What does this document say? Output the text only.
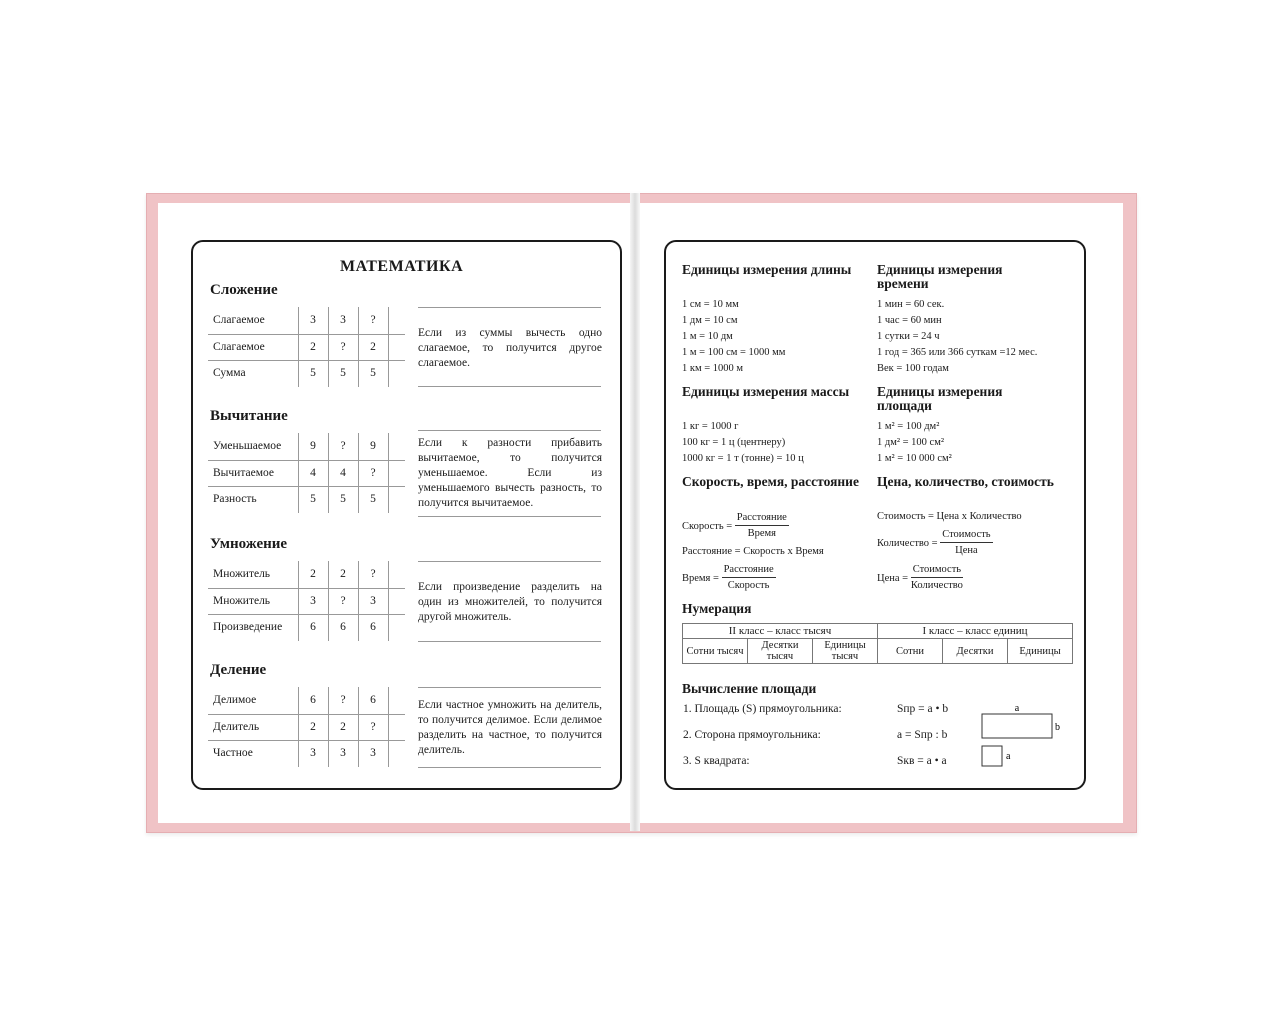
МАТЕМАТИКА
Сложение
Слагаемое	3	3	?
Слагаемое	2	?	2
Сумма	5	5	5
Если из суммы вычесть одно слагаемое, то получится другое слагаемое.
Вычитание
Уменьшаемое	9	?	9
Вычитаемое	4	4	?
Разность	5	5	5
Если к разности прибавить вычитаемое, то получится уменьшаемое. Если из уменьшаемого вычесть разность, то получится вычитаемое.
Умножение
Множитель	2	2	?
Множитель	3	?	3
Произведение	6	6	6
Если произведение разделить на один из множителей, то получится другой множитель.
Деление
Делимое	6	?	6
Делитель	2	2	?
Частное	3	3	3
Если частное умножить на делитель, то получится делимое. Если делимое разделить на частное, то получится делитель.
Единицы измерения длины
1 см = 10 мм
1 дм = 10 см
1 м = 10 дм
1 м = 100 см = 1000 мм
1 км = 1000 м
Единицы измерения времени
1 мин = 60 сек.
1 час = 60 мин
1 сутки = 24 ч
1 год = 365 или 366 суткам =12 мес.
Век = 100 годам
Единицы измерения массы
1 кг = 1000 г
100 кг = 1 ц (центнеру)
1000 кг = 1 т (тонне) = 10 ц
Единицы измерения площади
1 м² = 100 дм²
1 дм² = 100 см²
1 м² = 10 000 см²
Скорость, время, расстояние
Скорость = $\frac{\text{Расстояние}}{\text{Время}}$
Расстояние = Скорость х Время
Время = $\frac{\text{Расстояние}}{\text{Скорость}}$
Цена, количество, стоимость
Стоимость = Цена х Количество
Количество = $\frac{\text{Стоимость}}{\text{Цена}}$
Цена = $\frac{\text{Стоимость}}{\text{Количество}}$
Нумерация
II класс – класс тысяч			I класс – класс единиц		
Сотни тысяч	Десятки тысяч	Единицы тысяч	Сотни	Десятки	Единицы
Вычисление площади
1. Площадь (S) прямоугольника:	Sпр = a • b
2. Сторона прямоугольника:	a = Sпр : b
3. S квадрата:	Sкв = a • a
a
b
a
